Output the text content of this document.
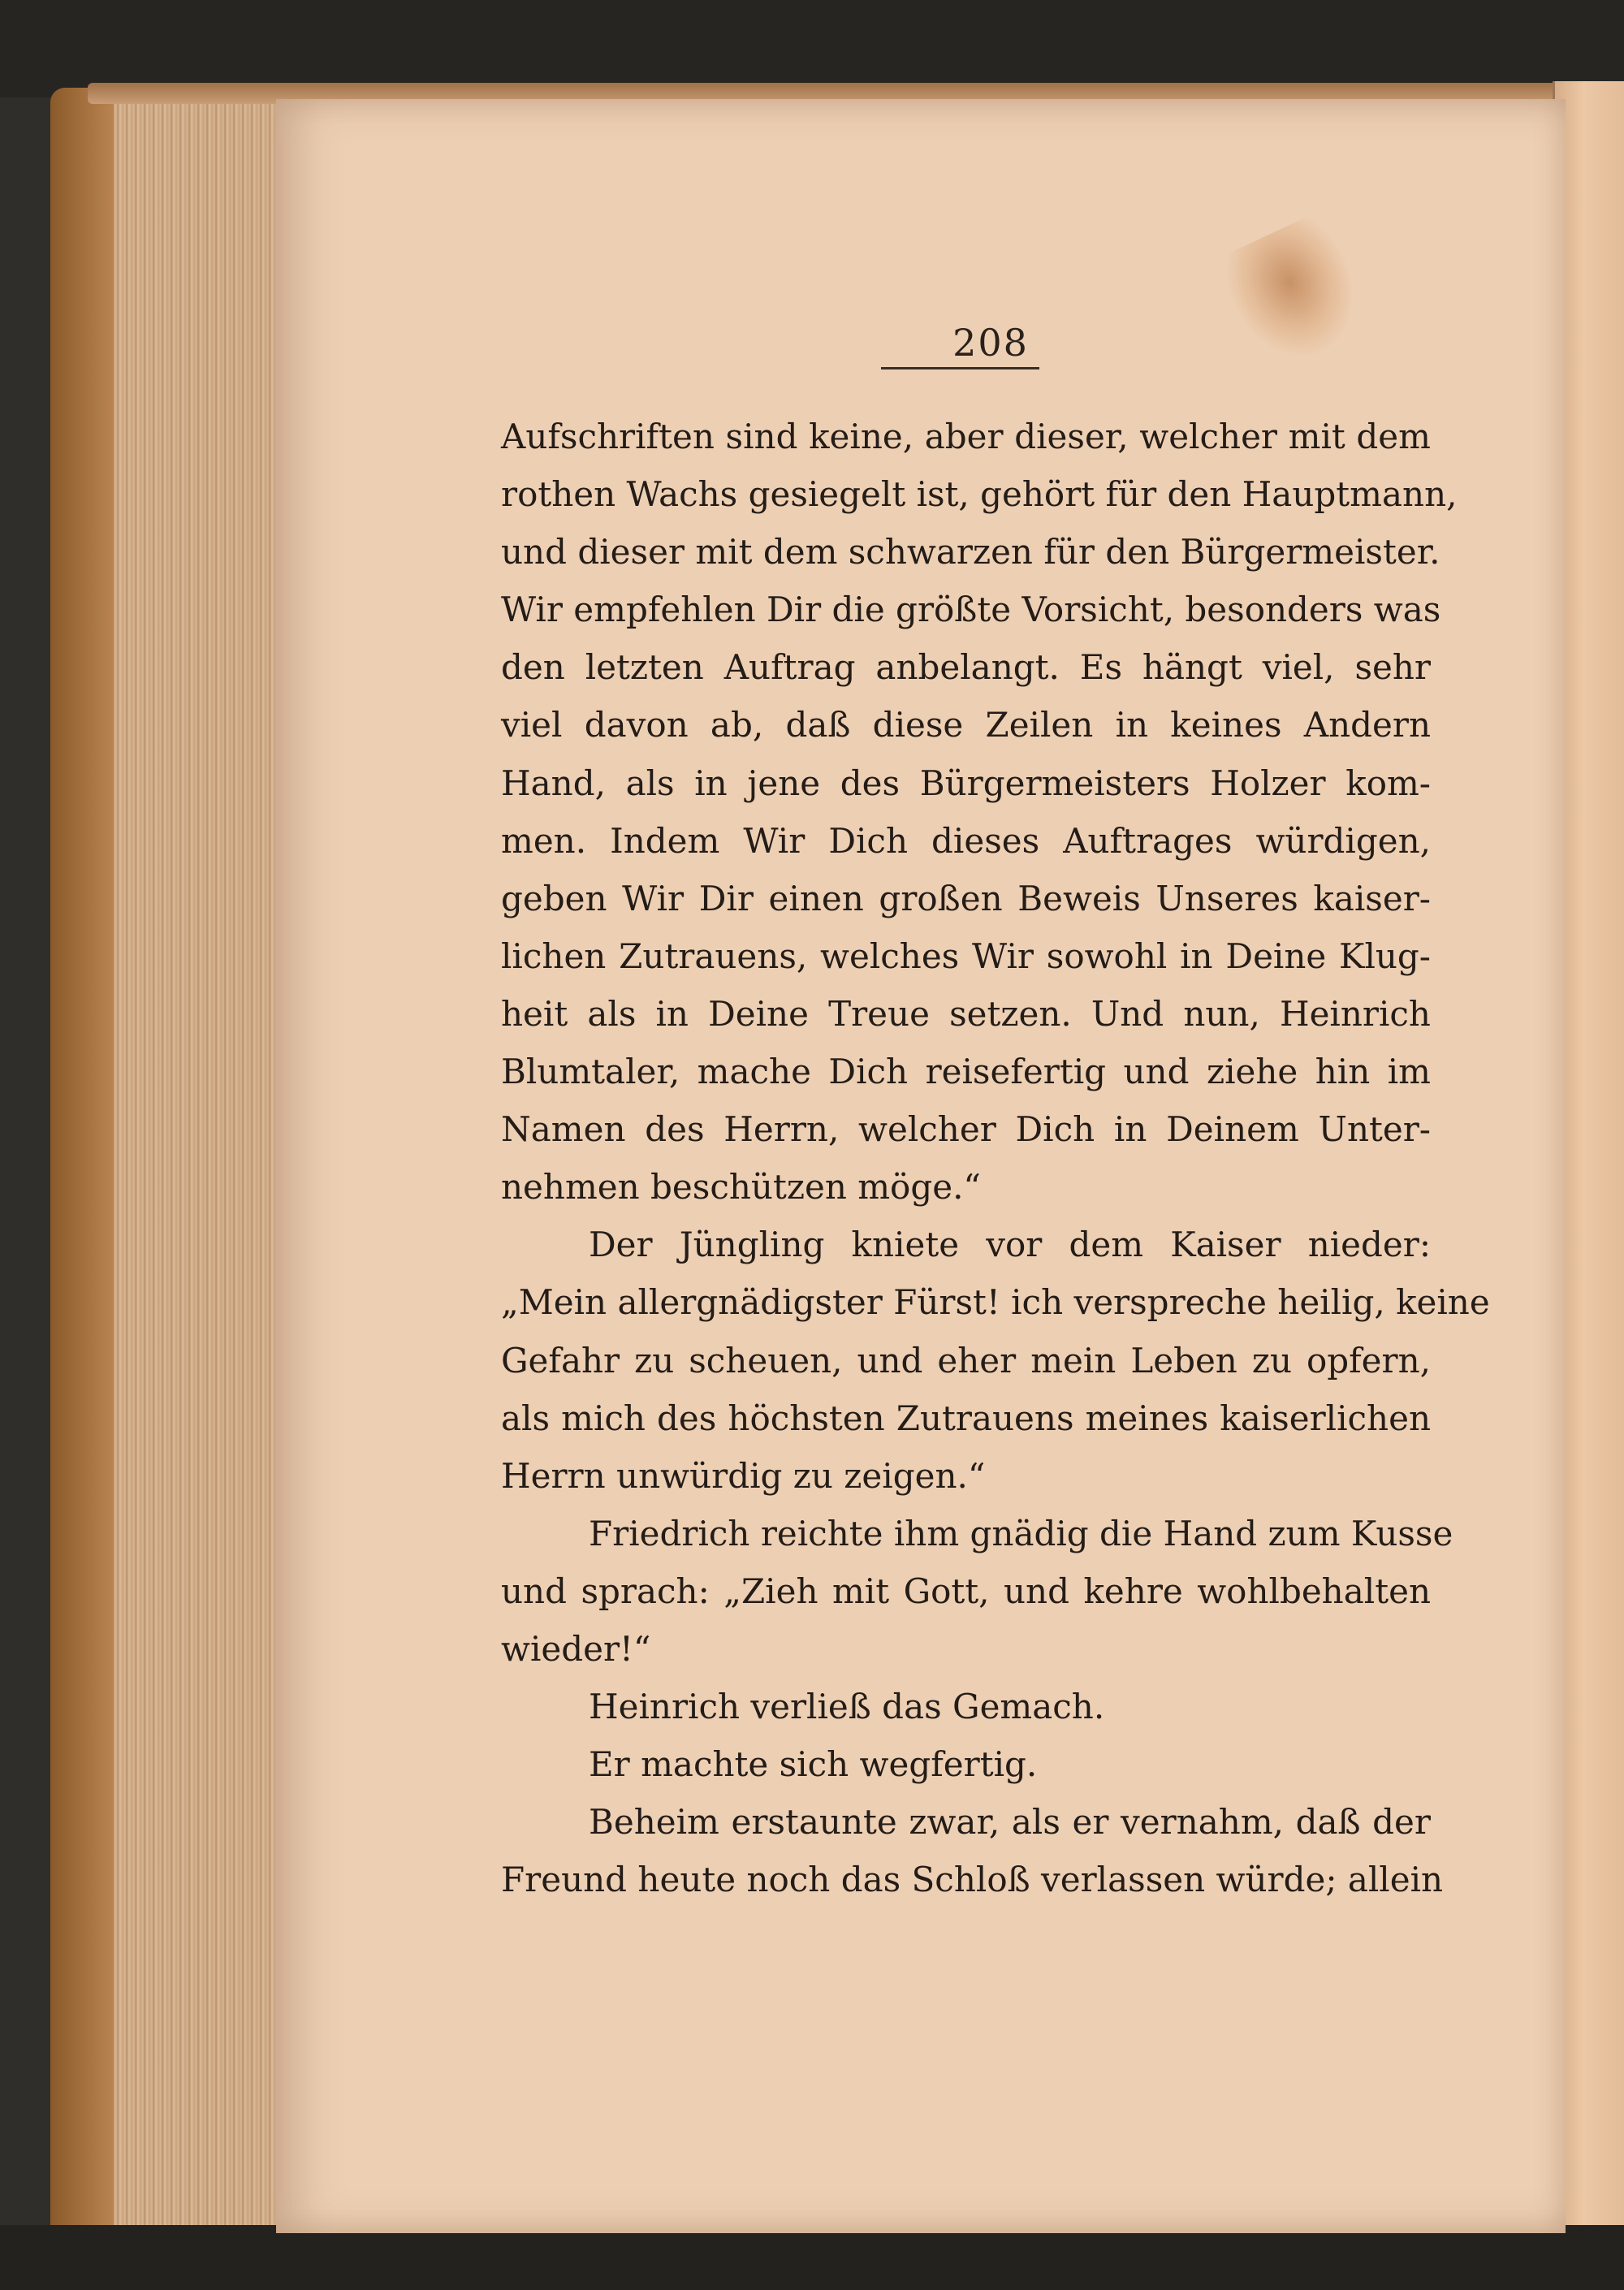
208
Aufschriften sind keine, aber dieser, welcher mit dem
rothen Wachs gesiegelt ist, gehört für den Hauptmann,
und dieser mit dem schwarzen für den Bürgermeister.
Wir empfehlen Dir die größte Vorsicht, besonders was
den letzten Auftrag anbelangt. Es hängt viel, sehr
viel davon ab, daß diese Zeilen in keines Andern
Hand, als in jene des Bürgermeisters Holzer kom-
men. Indem Wir Dich dieses Auftrages würdigen,
geben Wir Dir einen großen Beweis Unseres kaiser-
lichen Zutrauens, welches Wir sowohl in Deine Klug-
heit als in Deine Treue setzen. Und nun, Heinrich
Blumtaler, mache Dich reisefertig und ziehe hin im
Namen des Herrn, welcher Dich in Deinem Unter-
nehmen beschützen möge.“
Der Jüngling kniete vor dem Kaiser nieder:
„Mein allergnädigster Fürst! ich verspreche heilig, keine
Gefahr zu scheuen, und eher mein Leben zu opfern,
als mich des höchsten Zutrauens meines kaiserlichen
Herrn unwürdig zu zeigen.“
Friedrich reichte ihm gnädig die Hand zum Kusse
und sprach: „Zieh mit Gott, und kehre wohlbehalten
wieder!“
Heinrich verließ das Gemach.
Er machte sich wegfertig.
Beheim erstaunte zwar, als er vernahm, daß der
Freund heute noch das Schloß verlassen würde; allein
